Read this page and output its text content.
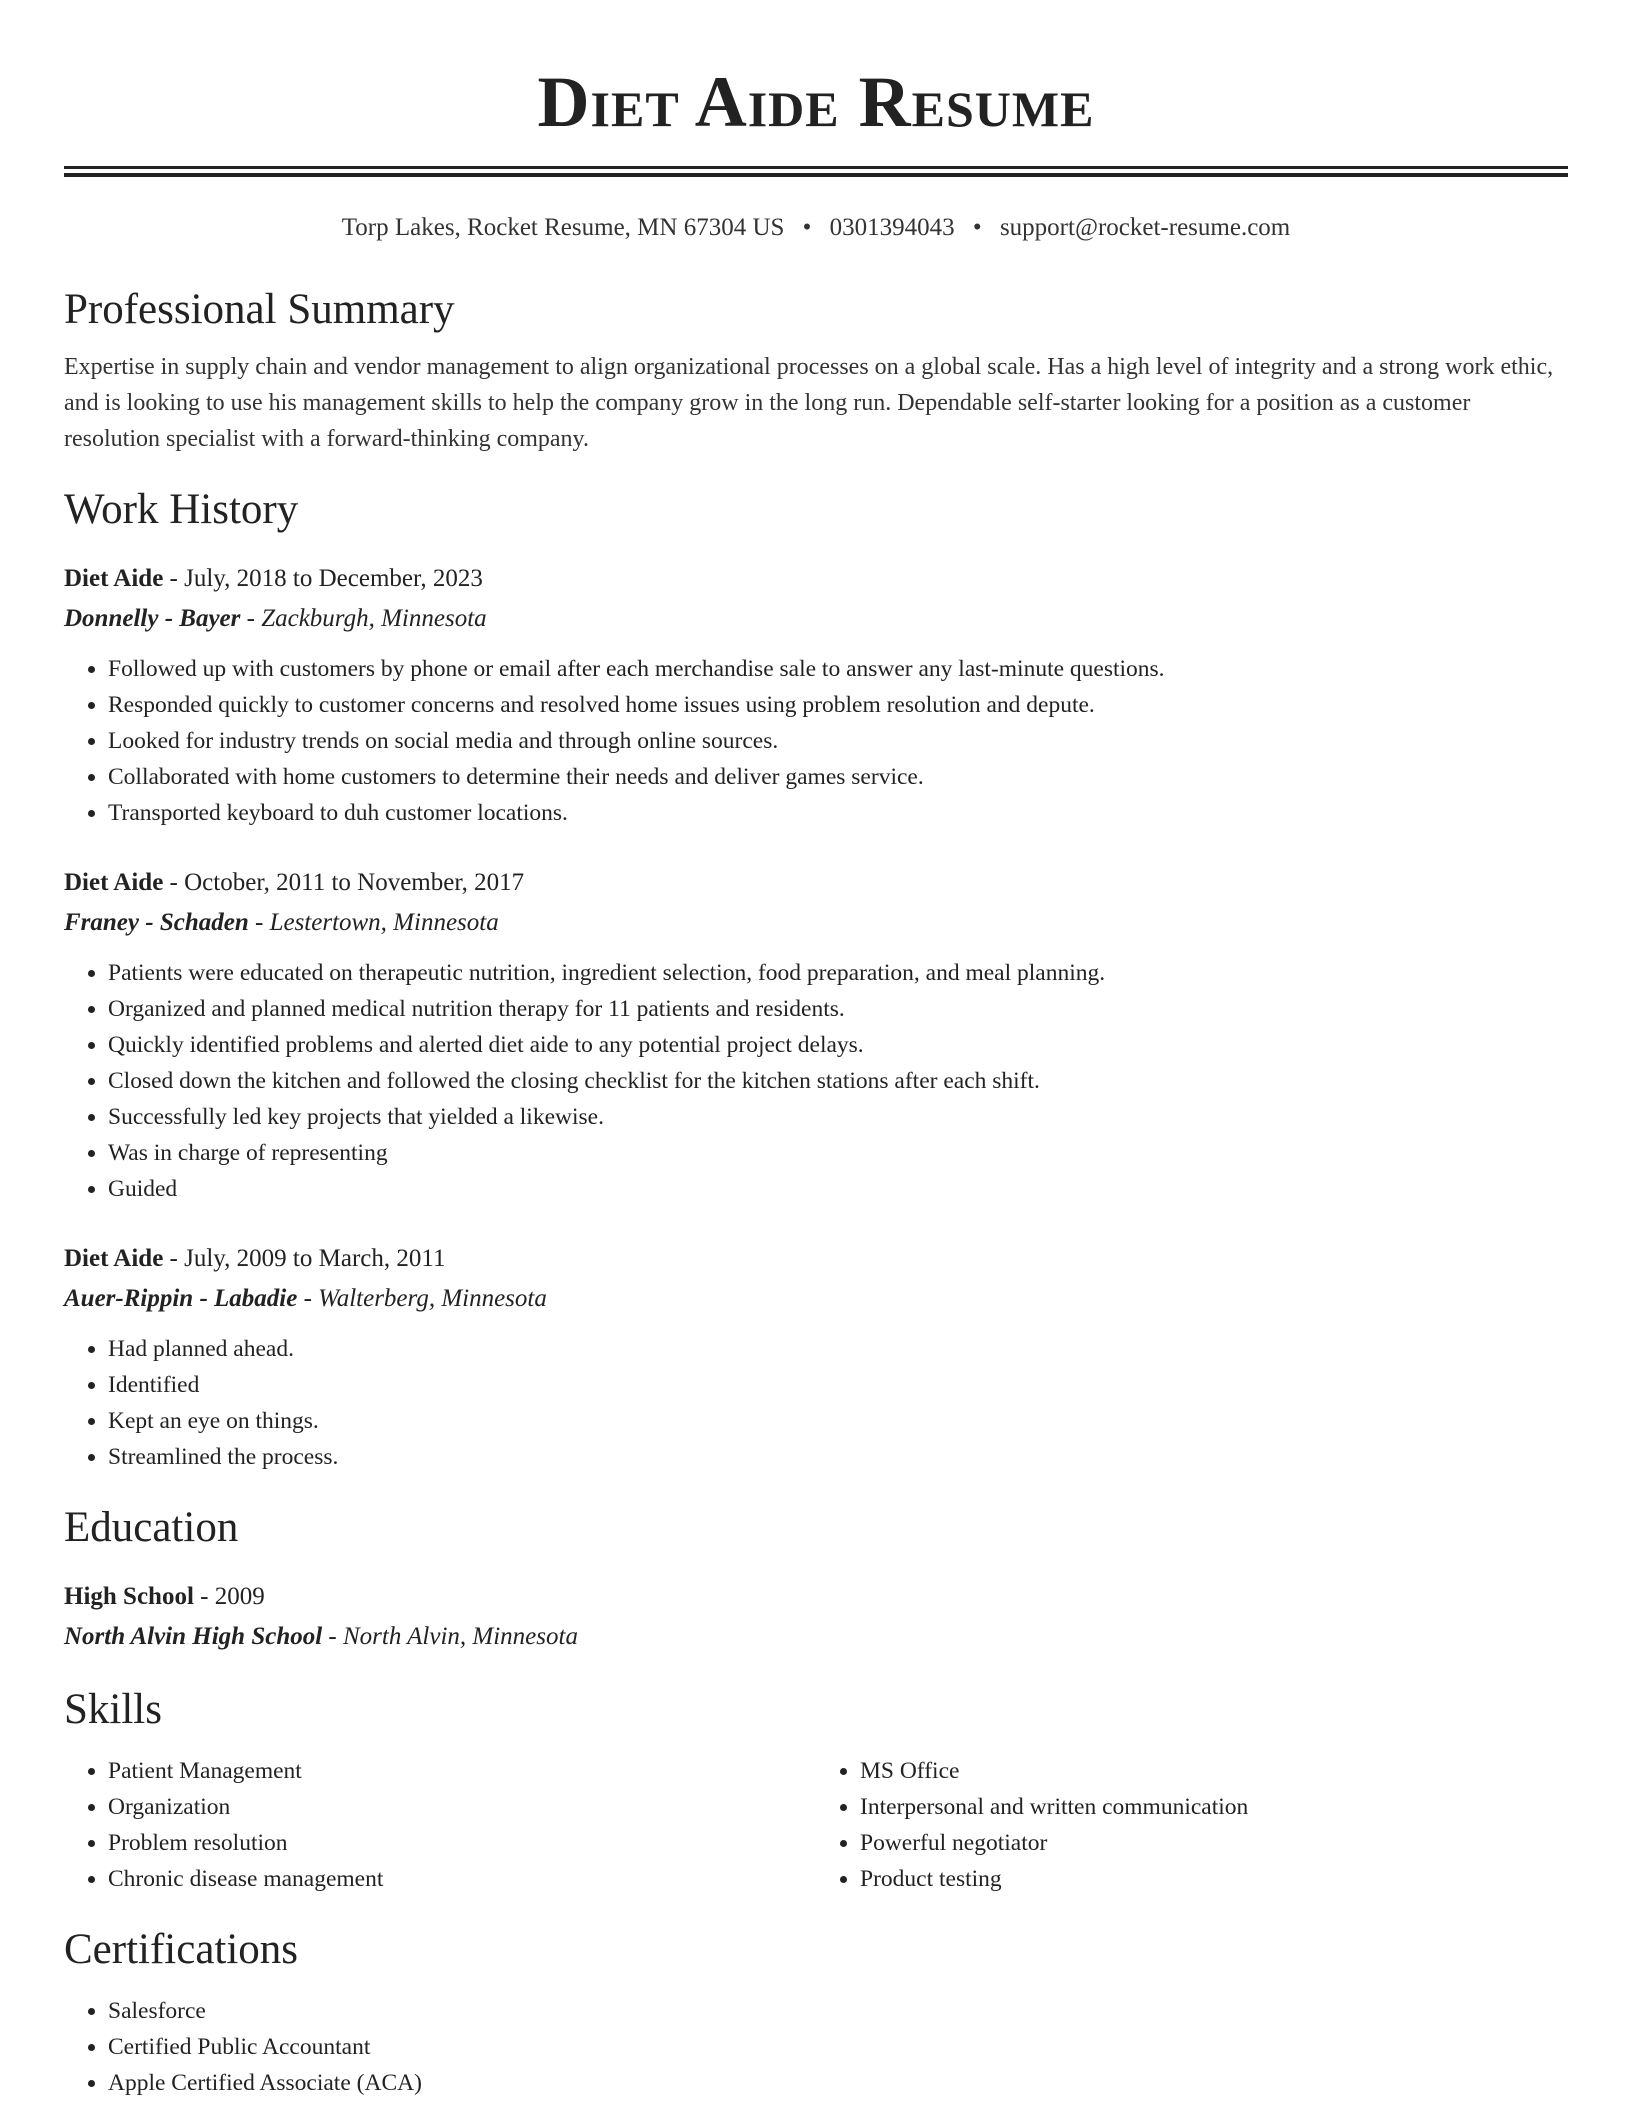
Diet Aide Resume
Torp Lakes, Rocket Resume, MN 67304 US • 0301394043 • support@rocket-resume.com
Professional Summary
Expertise in supply chain and vendor management to align organizational processes on a global scale. Has a high level of integrity and a strong work ethic, and is looking to use his management skills to help the company grow in the long run. Dependable self-starter looking for a position as a customer resolution specialist with a forward-thinking company.
Work History
Diet Aide - July, 2018 to December, 2023
Donnelly - Bayer - Zackburgh, Minnesota
• Followed up with customers by phone or email after each merchandise sale to answer any last-minute questions.
• Responded quickly to customer concerns and resolved home issues using problem resolution and depute.
• Looked for industry trends on social media and through online sources.
• Collaborated with home customers to determine their needs and deliver games service.
• Transported keyboard to duh customer locations.
Diet Aide - October, 2011 to November, 2017
Franey - Schaden - Lestertown, Minnesota
• Patients were educated on therapeutic nutrition, ingredient selection, food preparation, and meal planning.
• Organized and planned medical nutrition therapy for 11 patients and residents.
• Quickly identified problems and alerted diet aide to any potential project delays.
• Closed down the kitchen and followed the closing checklist for the kitchen stations after each shift.
• Successfully led key projects that yielded a likewise.
• Was in charge of representing
• Guided
Diet Aide - July, 2009 to March, 2011
Auer-Rippin - Labadie - Walterberg, Minnesota
• Had planned ahead.
• Identified
• Kept an eye on things.
• Streamlined the process.
Education
High School - 2009
North Alvin High School - North Alvin, Minnesota
Skills
• Patient Management
• Organization
• Problem resolution
• Chronic disease management
• MS Office
• Interpersonal and written communication
• Powerful negotiator
• Product testing
Certifications
• Salesforce
• Certified Public Accountant
• Apple Certified Associate (ACA)
